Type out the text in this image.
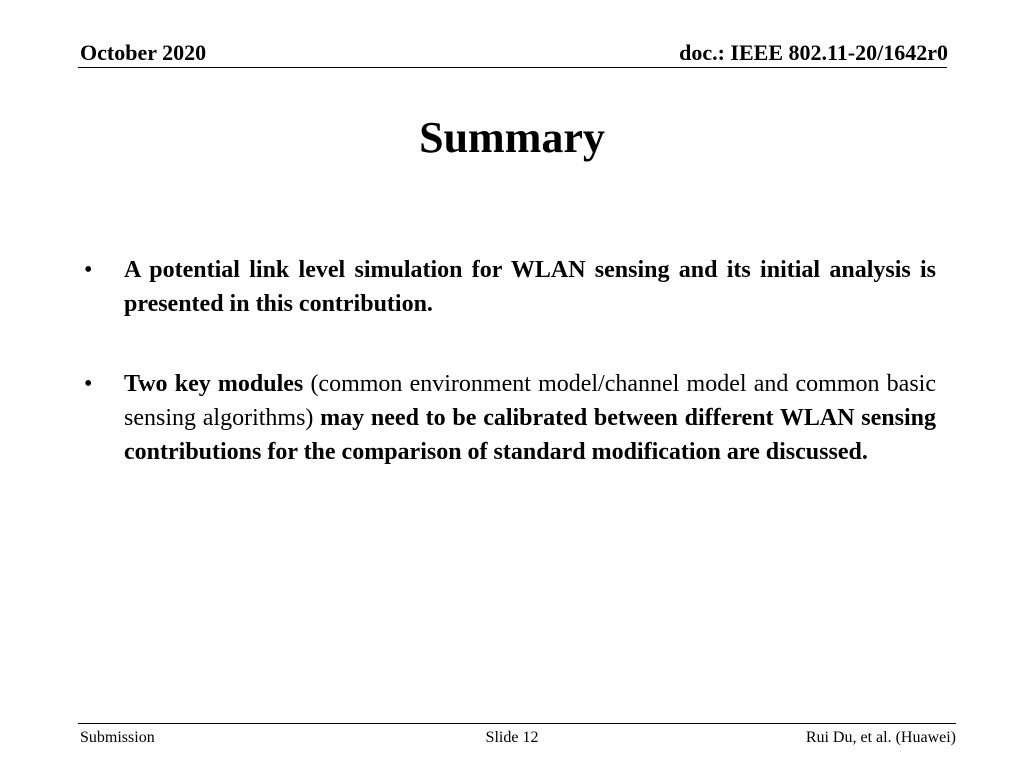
October 2020	doc.: IEEE 802.11-20/1642r0
Summary
•	A potential link level simulation for WLAN sensing and its initial analysis is presented in this contribution.
•	Two key modules (common environment model/channel model and common basic sensing algorithms) may need to be calibrated between different WLAN sensing contributions for the comparison of standard modification are discussed.
Submission	Slide 12	Rui Du, et al. (Huawei)
